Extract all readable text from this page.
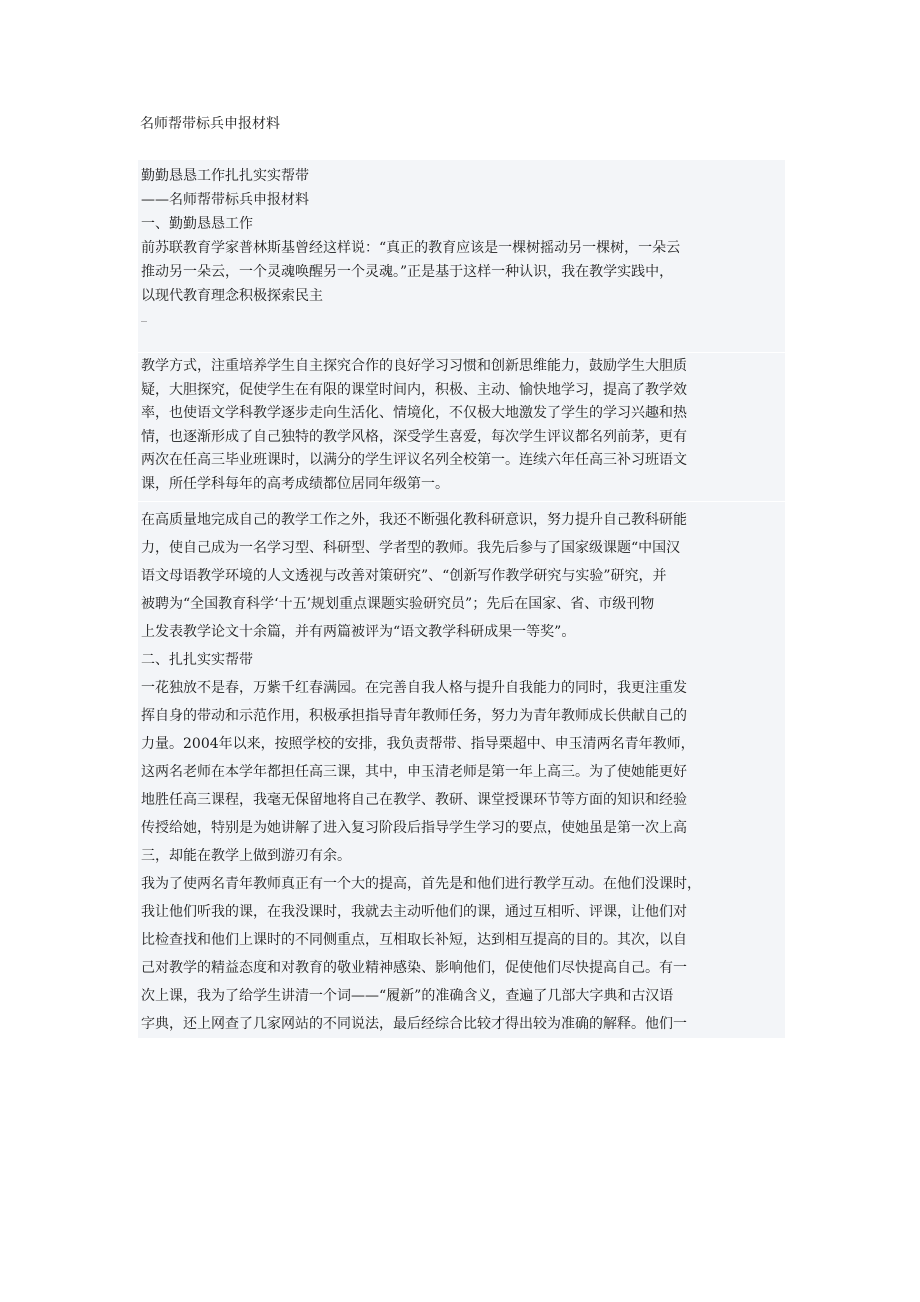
名师帮带标兵申报材料
勤勤恳恳工作扎扎实实帮带
——名师帮带标兵申报材料
一、勤勤恳恳工作
前苏联教育学家普林斯基曾经这样说：“真正的教育应该是一棵树摇动另一棵树，一朵云
推动另一朵云，一个灵魂唤醒另一个灵魂。”正是基于这样一种认识，我在教学实践中，
以现代教育理念积极探索民主
_
教学方式，注重培养学生自主探究合作的良好学习习惯和创新思维能力，鼓励学生大胆质
疑，大胆探究，促使学生在有限的课堂时间内，积极、主动、愉快地学习，提高了教学效
率，也使语文学科教学逐步走向生活化、情境化，不仅极大地激发了学生的学习兴趣和热
情，也逐渐形成了自己独特的教学风格，深受学生喜爱，每次学生评议都名列前茅，更有
两次在任高三毕业班课时，以满分的学生评议名列全校第一。连续六年任高三补习班语文
课，所任学科每年的高考成绩都位居同年级第一。
在高质量地完成自己的教学工作之外，我还不断强化教科研意识，努力提升自己教科研能
力，使自己成为一名学习型、科研型、学者型的教师。我先后参与了国家级课题“中国汉
语文母语教学环境的人文透视与改善对策研究”、“创新写作教学研究与实验”研究，并
被聘为“全国教育科学‘十五’规划重点课题实验研究员”；先后在国家、省、市级刊物
上发表教学论文十余篇，并有两篇被评为“语文教学科研成果一等奖”。
二、扎扎实实帮带
一花独放不是春，万紫千红春满园。在完善自我人格与提升自我能力的同时，我更注重发
挥自身的带动和示范作用，积极承担指导青年教师任务，努力为青年教师成长供献自己的
力量。2004年以来，按照学校的安排，我负责帮带、指导栗超中、申玉清两名青年教师，
这两名老师在本学年都担任高三课，其中，申玉清老师是第一年上高三。为了使她能更好
地胜任高三课程，我毫无保留地将自己在教学、教研、课堂授课环节等方面的知识和经验
传授给她，特别是为她讲解了进入复习阶段后指导学生学习的要点，使她虽是第一次上高
三，却能在教学上做到游刃有余。
我为了使两名青年教师真正有一个大的提高，首先是和他们进行教学互动。在他们没课时，
我让他们听我的课，在我没课时，我就去主动听他们的课，通过互相听、评课，让他们对
比检查找和他们上课时的不同侧重点，互相取长补短，达到相互提高的目的。其次，以自
己对教学的精益态度和对教育的敬业精神感染、影响他们，促使他们尽快提高自己。有一
次上课，我为了给学生讲清一个词——“履新”的准确含义，查遍了几部大字典和古汉语
字典，还上网查了几家网站的不同说法，最后经综合比较才得出较为准确的解释。他们一
